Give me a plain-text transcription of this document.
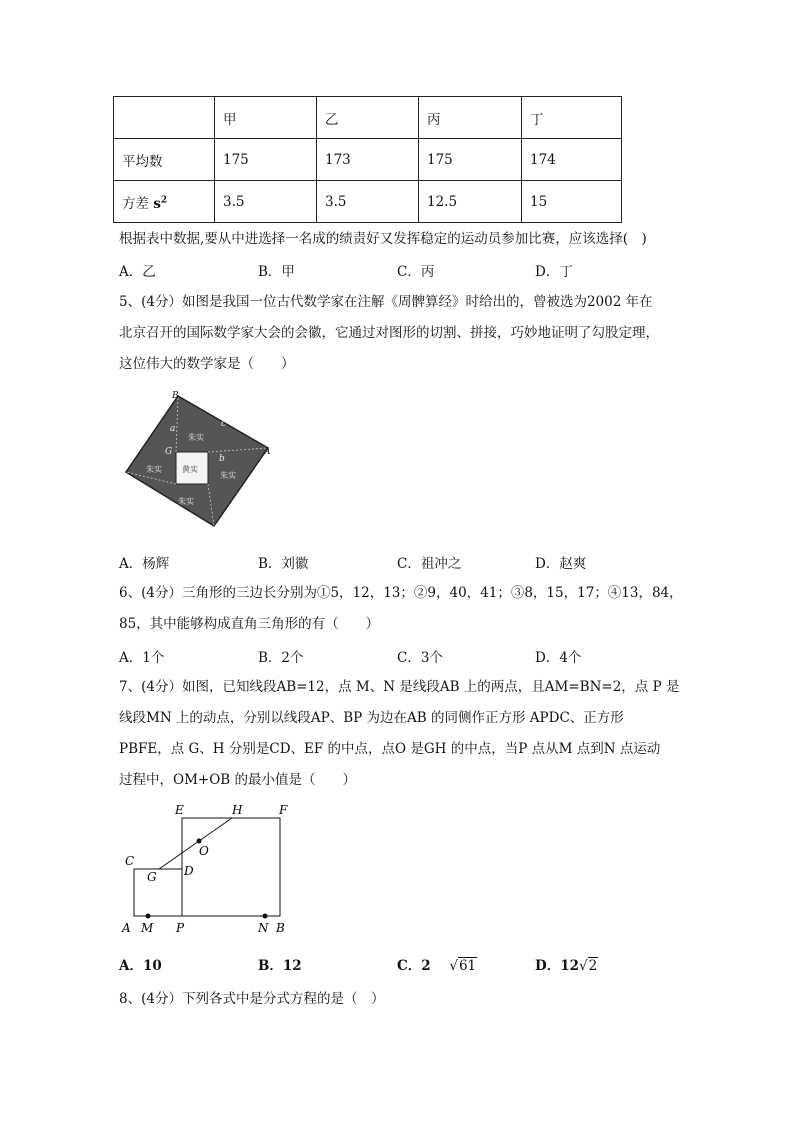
	甲	乙	丙	丁
平均数	175	173	175	174
方差 $s^2$	3.5	3.5	12.5	15
根据表中数据,要从中进选择一名成的绩责好又发挥稳定的运动员参加比赛，应该选择(　)
A．乙	B．甲	C．丙	D．丁
5、(4分）如图是我国一位古代数学家在注解《周髀算经》时给出的，曾被选为2002 年在
北京召开的国际数学家大会的会徽，它通过对图形的切割、拼接，巧妙地证明了勾股定理，
这位伟大的数学家是（　　）
B
A
c
b
a
G
朱实
朱实
朱实
朱实	黄实
A．杨辉	B．刘徽	C．祖冲之	D．赵爽
6、(4分）三角形的三边长分别为①5，12，13；②9，40，41；③8，15，17；④13，84，
85，其中能够构成直角三角形的有（　　）
A．1个	B．2个	C．3个	D．4个
7、(4分）如图，已知线段AB=12，点 M、N 是线段AB 上的两点，且AM=BN=2，点 P 是
线段MN 上的动点，分别以线段AP、BP 为边在AB 的同侧作正方形 APDC、正方形
PBFE，点 G、H 分别是CD、EF 的中点，点O 是GH 的中点，当P 点从M 点到N 点运动
过程中，OM+OB 的最小值是（　　）
E	H	F
O
C
G D
A M P	N B
A．10	B．12	C．2 √61	D．12√2
8、(4分）下列各式中是分式方程的是（　）
